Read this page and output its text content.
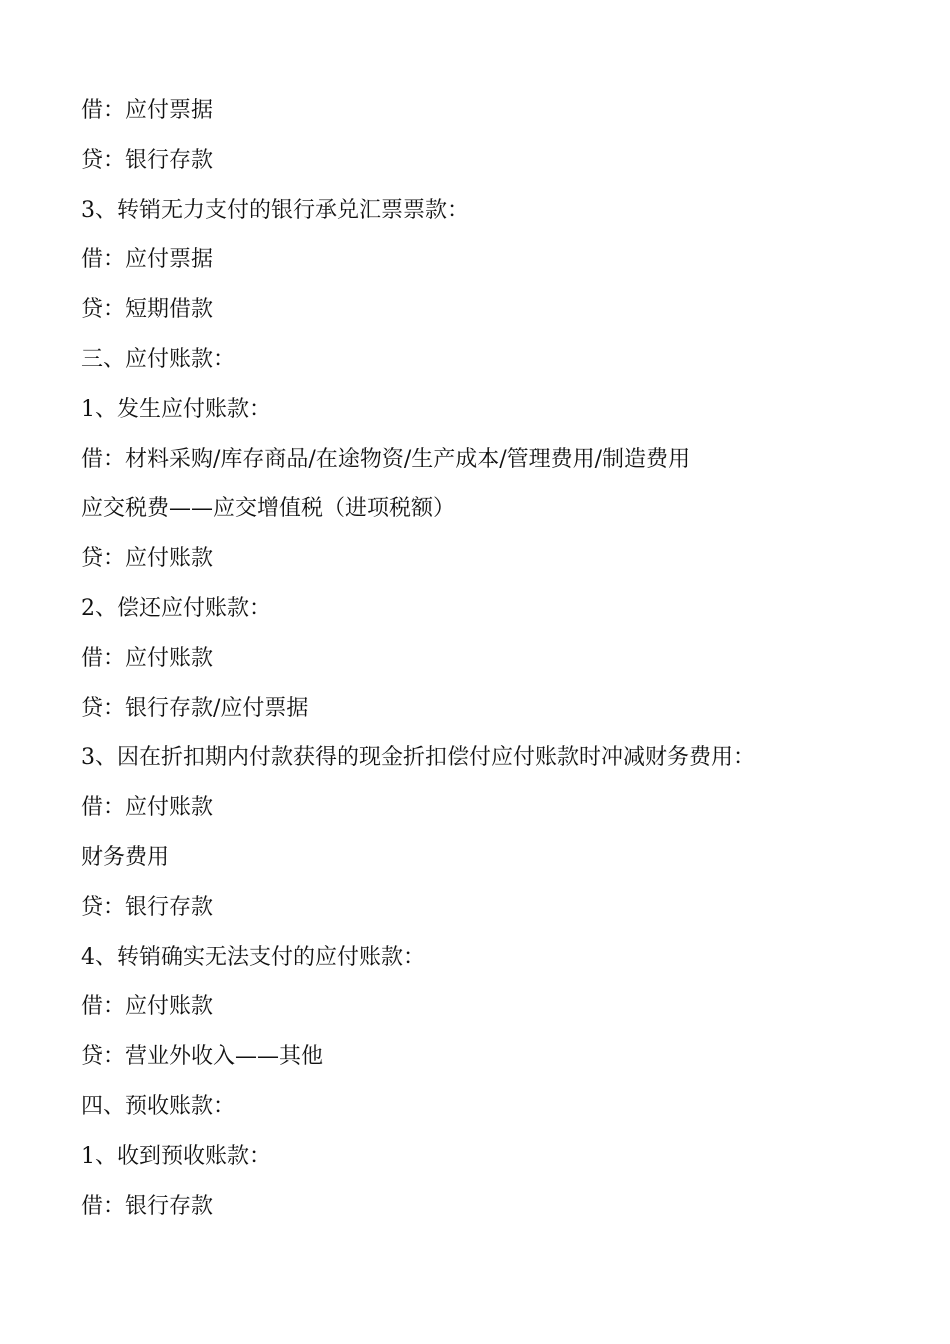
借：应付票据
贷：银行存款
3、转销无力支付的银行承兑汇票票款：
借：应付票据
贷：短期借款
三、应付账款：
1、发生应付账款：
借：材料采购/库存商品/在途物资/生产成本/管理费用/制造费用
应交税费——应交增值税（进项税额）
贷：应付账款
2、偿还应付账款：
借：应付账款
贷：银行存款/应付票据
3、因在折扣期内付款获得的现金折扣偿付应付账款时冲减财务费用：
借：应付账款
财务费用
贷：银行存款
4、转销确实无法支付的应付账款：
借：应付账款
贷：营业外收入——其他
四、预收账款：
1、收到预收账款：
借：银行存款
